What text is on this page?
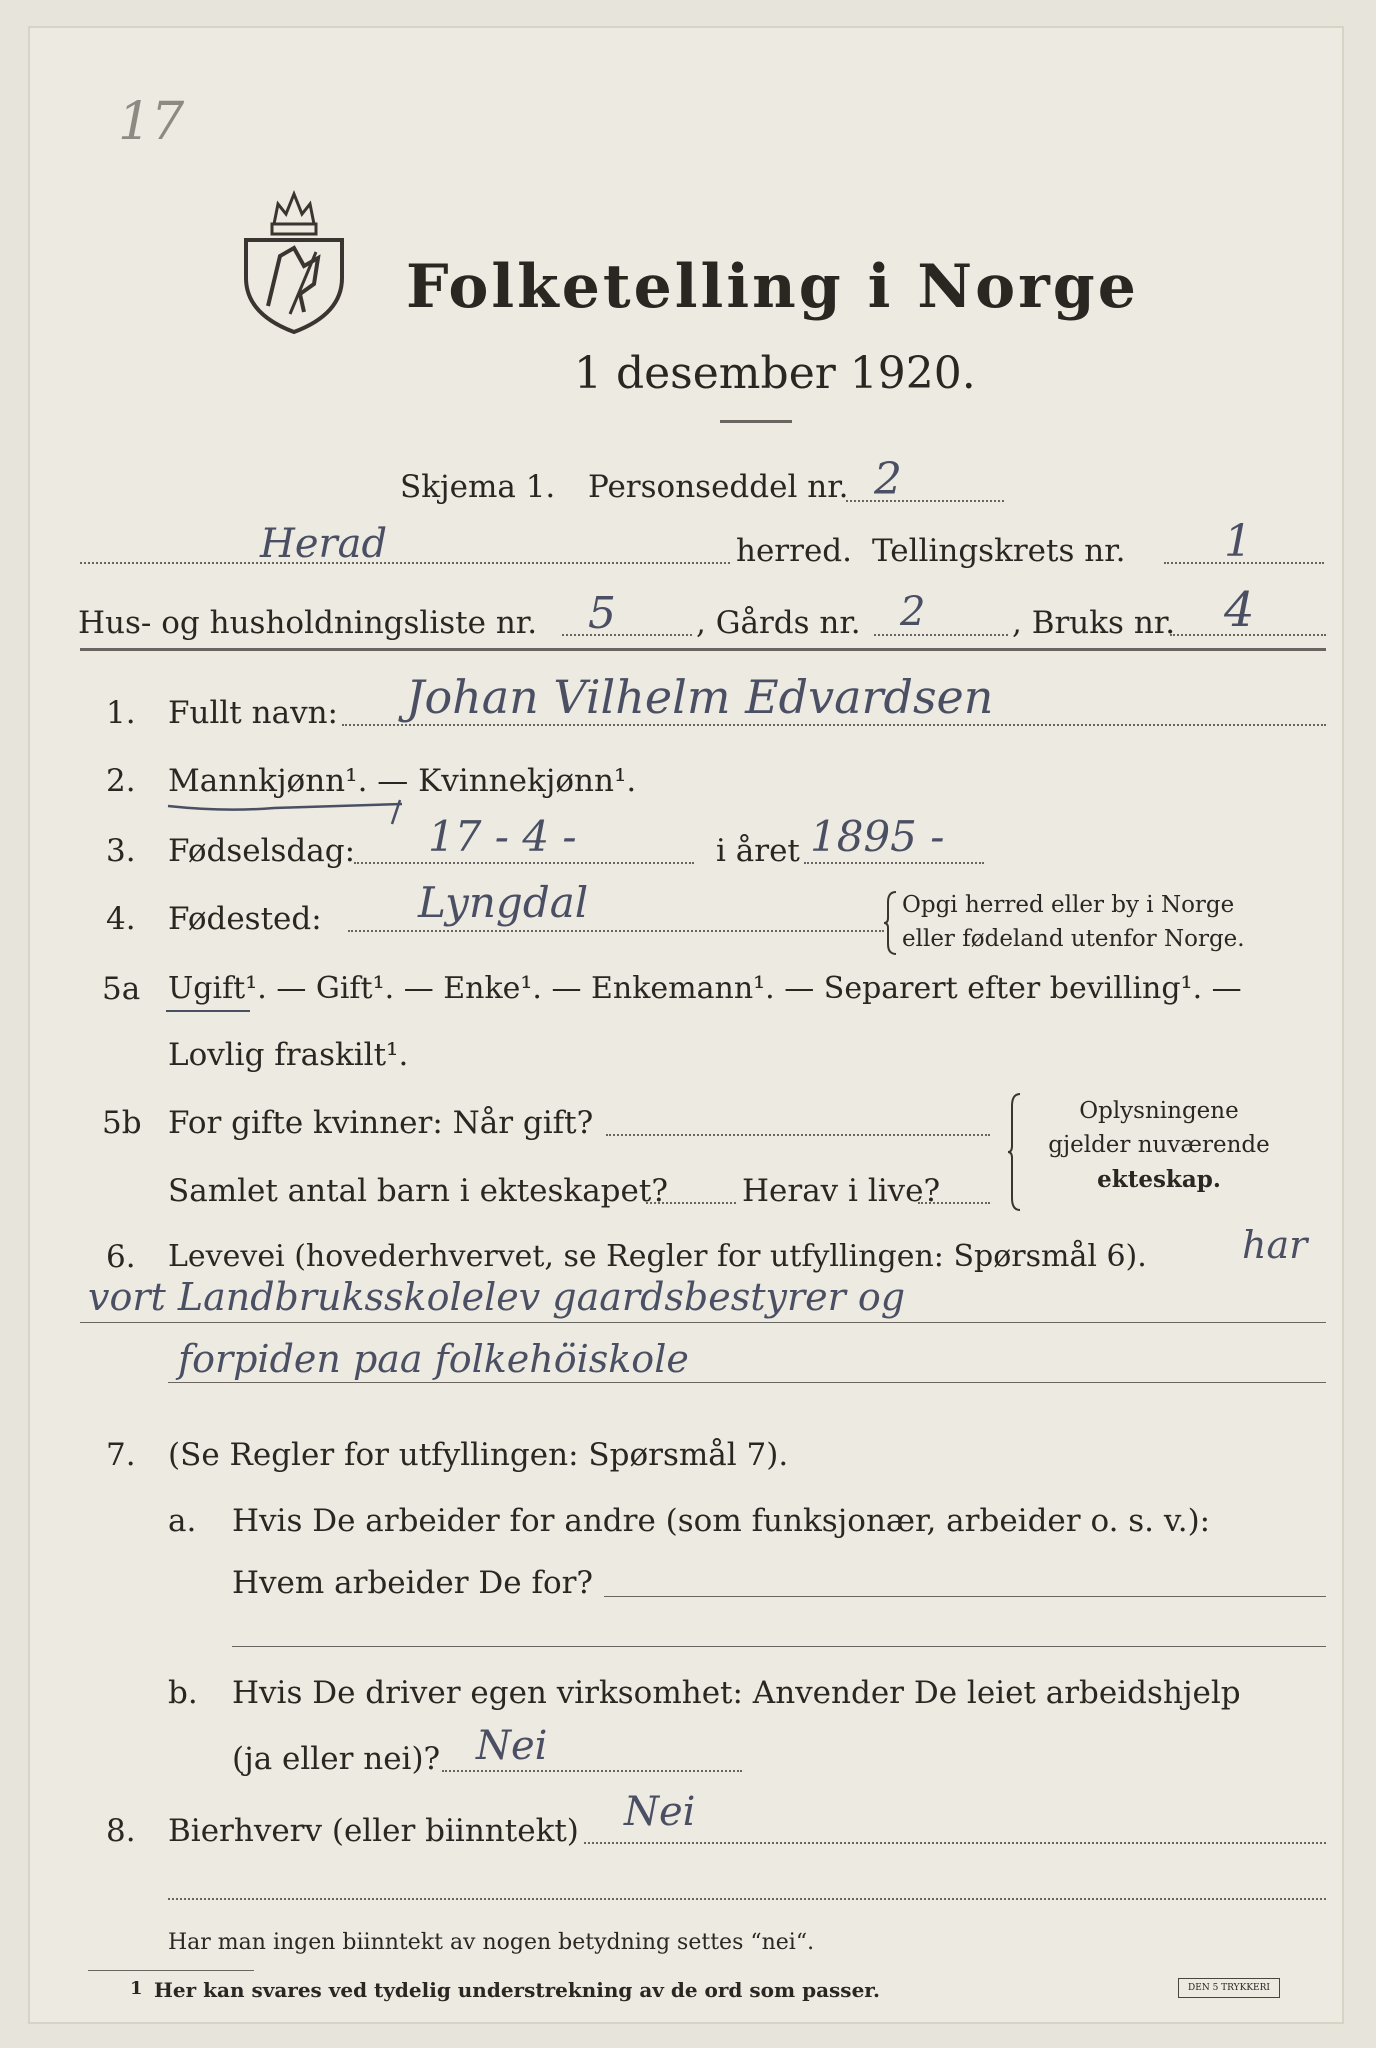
17
Folketelling i Norge
1 desember 1920.
Skjema 1. Personseddel nr. 2
Herad	herred. Tellingskrets nr. 1
Hus- og husholdningsliste nr. 5	, Gårds nr. 2	, Bruks nr. 4
1. Fullt navn: Johan Vilhelm Edvardsen
2. Mannkjønn¹. — Kvinnekjønn¹.
3. Fødselsdag: 17 - 4 -	i året 1895 -
4. Fødested: Lyngdal	Opgi herred eller by i Norge
eller fødeland utenfor Norge.
5a Ugift¹. — Gift¹. — Enke¹. — Enkemann¹. — Separert efter bevilling¹. —
Lovlig fraskilt¹.
5b For gifte kvinner: Når gift?
Samlet antal barn i ekteskapet? Herav i live?
Oplysningene
gjelder nuværende
ekteskap.
6. Levevei (hovederhvervet, se Regler for utfyllingen: Spørsmål 6).	har
vort Landbruksskolelev gaardsbestyrer og
forpiden paa folkehöiskole
7. (Se Regler for utfyllingen: Spørsmål 7).
a. Hvis De arbeider for andre (som funksjonær, arbeider o. s. v.):
Hvem arbeider De for?
b. Hvis De driver egen virksomhet: Anvender De leiet arbeidshjelp
(ja eller nei)? Nei
8. Bierhverv (eller biinntekt) Nei
Har man ingen biinntekt av nogen betydning settes “nei“.
1 Her kan svares ved tydelig understrekning av de ord som passer.	DEN 5 TRYKKERI
